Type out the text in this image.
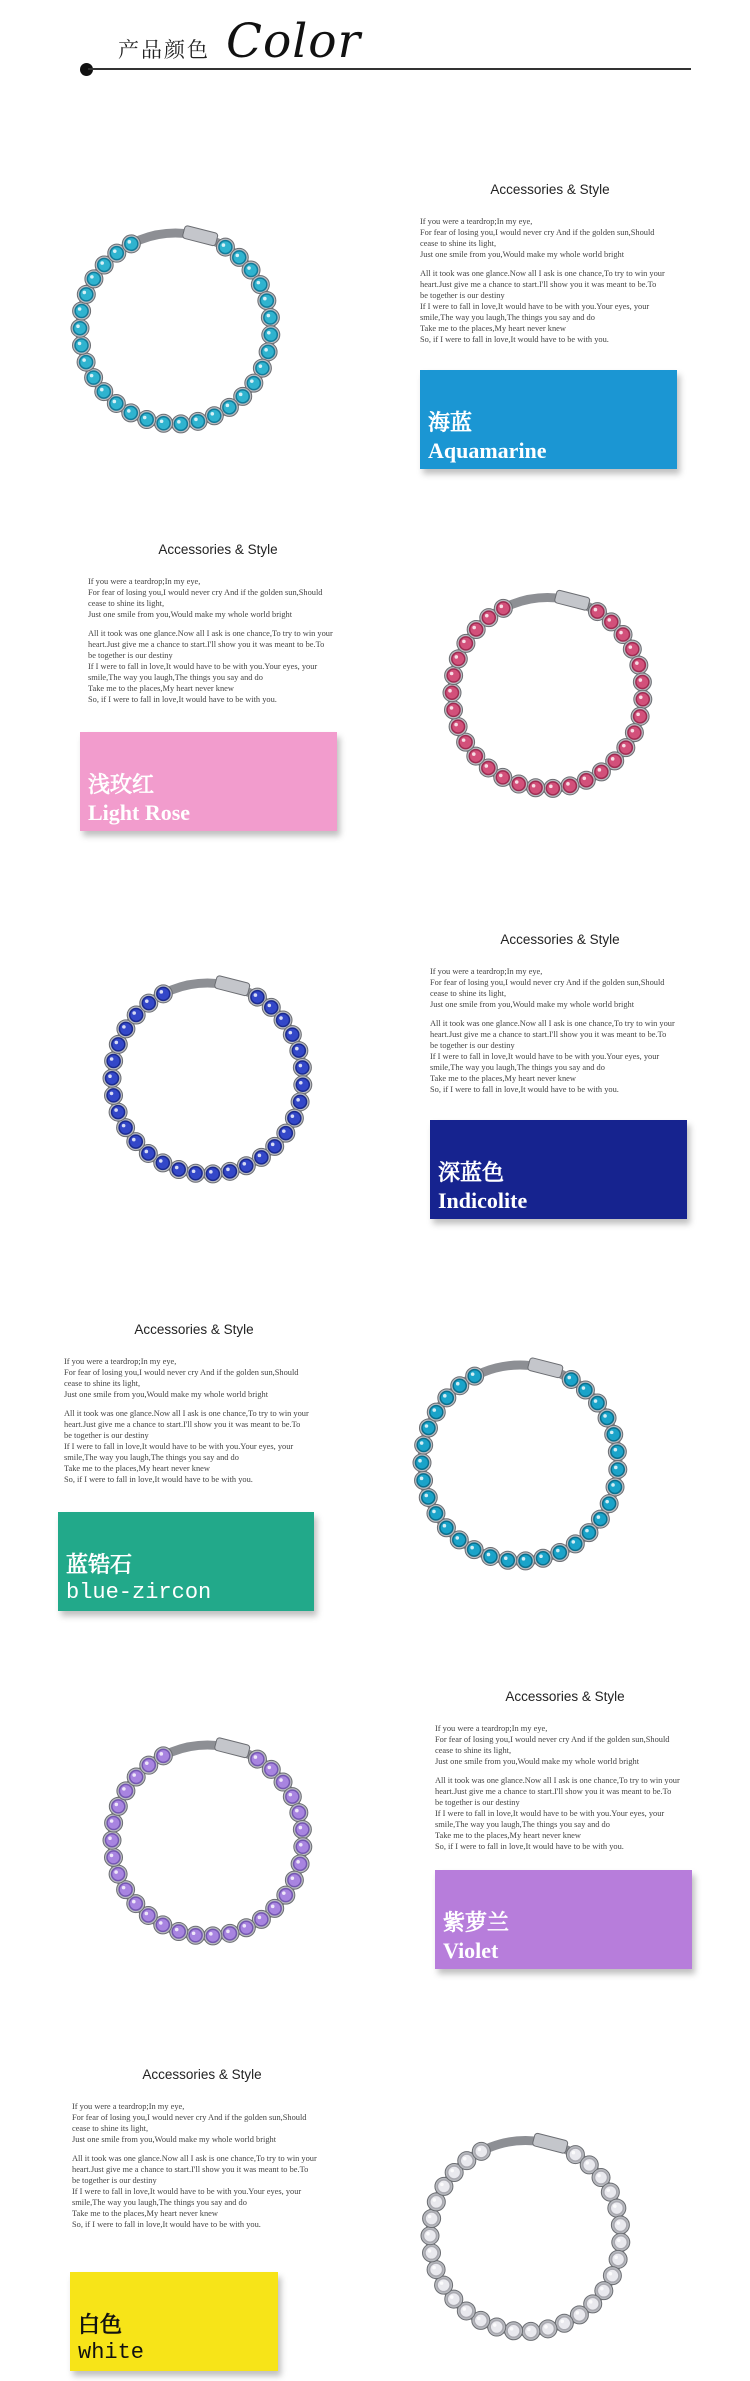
产品颜色 Color
Accessories & Style

If you were a teardrop;In my eye,

For fear of losing you,I would never cry And if the golden sun,Should

cease to shine its light,

Just one smile from you,Would make my whole world bright

All it took was one glance.Now all I ask is one chance,To try to win your

heart.Just give me a chance to start.I'll show you it was meant to be.To

be together is our destiny

If I were to fall in love,It would have to be with you.Your eyes, your

smile,The way you laugh,The things you say and do

Take me to the places,My heart never knew

So, if I were to fall in love,It would have to be with you.

海蓝
Aquamarine
Accessories & Style

If you were a teardrop;In my eye,

For fear of losing you,I would never cry And if the golden sun,Should

cease to shine its light,

Just one smile from you,Would make my whole world bright

All it took was one glance.Now all I ask is one chance,To try to win your

heart.Just give me a chance to start.I'll show you it was meant to be.To

be together is our destiny

If I were to fall in love,It would have to be with you.Your eyes, your

smile,The way you laugh,The things you say and do

Take me to the places,My heart never knew

So, if I were to fall in love,It would have to be with you.

浅玫红
Light Rose
Accessories & Style

If you were a teardrop;In my eye,

For fear of losing you,I would never cry And if the golden sun,Should

cease to shine its light,

Just one smile from you,Would make my whole world bright

All it took was one glance.Now all I ask is one chance,To try to win your

heart.Just give me a chance to start.I'll show you it was meant to be.To

be together is our destiny

If I were to fall in love,It would have to be with you.Your eyes, your

smile,The way you laugh,The things you say and do

Take me to the places,My heart never knew

So, if I were to fall in love,It would have to be with you.

深蓝色
Indicolite
Accessories & Style

If you were a teardrop;In my eye,

For fear of losing you,I would never cry And if the golden sun,Should

cease to shine its light,

Just one smile from you,Would make my whole world bright

All it took was one glance.Now all I ask is one chance,To try to win your

heart.Just give me a chance to start.I'll show you it was meant to be.To

be together is our destiny

If I were to fall in love,It would have to be with you.Your eyes, your

smile,The way you laugh,The things you say and do

Take me to the places,My heart never knew

So, if I were to fall in love,It would have to be with you.

蓝锆石
blue-zircon
Accessories & Style

If you were a teardrop;In my eye,

For fear of losing you,I would never cry And if the golden sun,Should

cease to shine its light,

Just one smile from you,Would make my whole world bright

All it took was one glance.Now all I ask is one chance,To try to win your

heart.Just give me a chance to start.I'll show you it was meant to be.To

be together is our destiny

If I were to fall in love,It would have to be with you.Your eyes, your

smile,The way you laugh,The things you say and do

Take me to the places,My heart never knew

So, if I were to fall in love,It would have to be with you.

紫萝兰
Violet
Accessories & Style

If you were a teardrop;In my eye,

For fear of losing you,I would never cry And if the golden sun,Should

cease to shine its light,

Just one smile from you,Would make my whole world bright

All it took was one glance.Now all I ask is one chance,To try to win your

heart.Just give me a chance to start.I'll show you it was meant to be.To

be together is our destiny

If I were to fall in love,It would have to be with you.Your eyes, your

smile,The way you laugh,The things you say and do

Take me to the places,My heart never knew

So, if I were to fall in love,It would have to be with you.

白色
white
